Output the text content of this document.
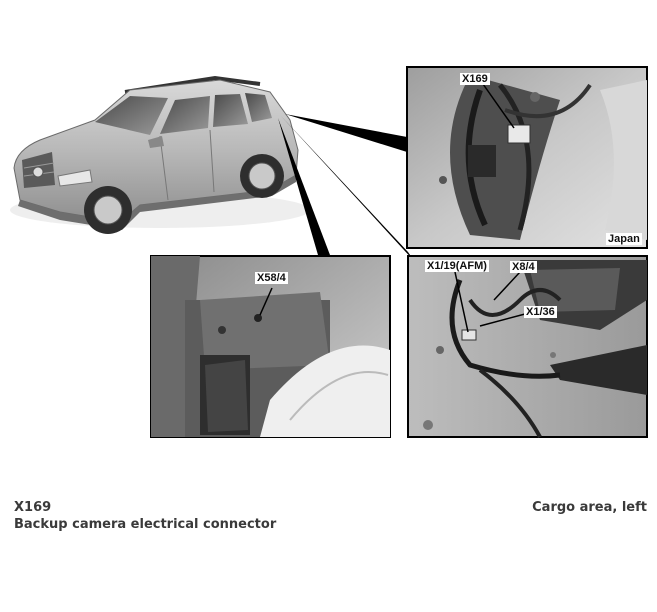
X169
Japan
X58/4
X1/19(AFM) X8/4
X1/36
X169
Backup camera electrical connector
Cargo area, left
